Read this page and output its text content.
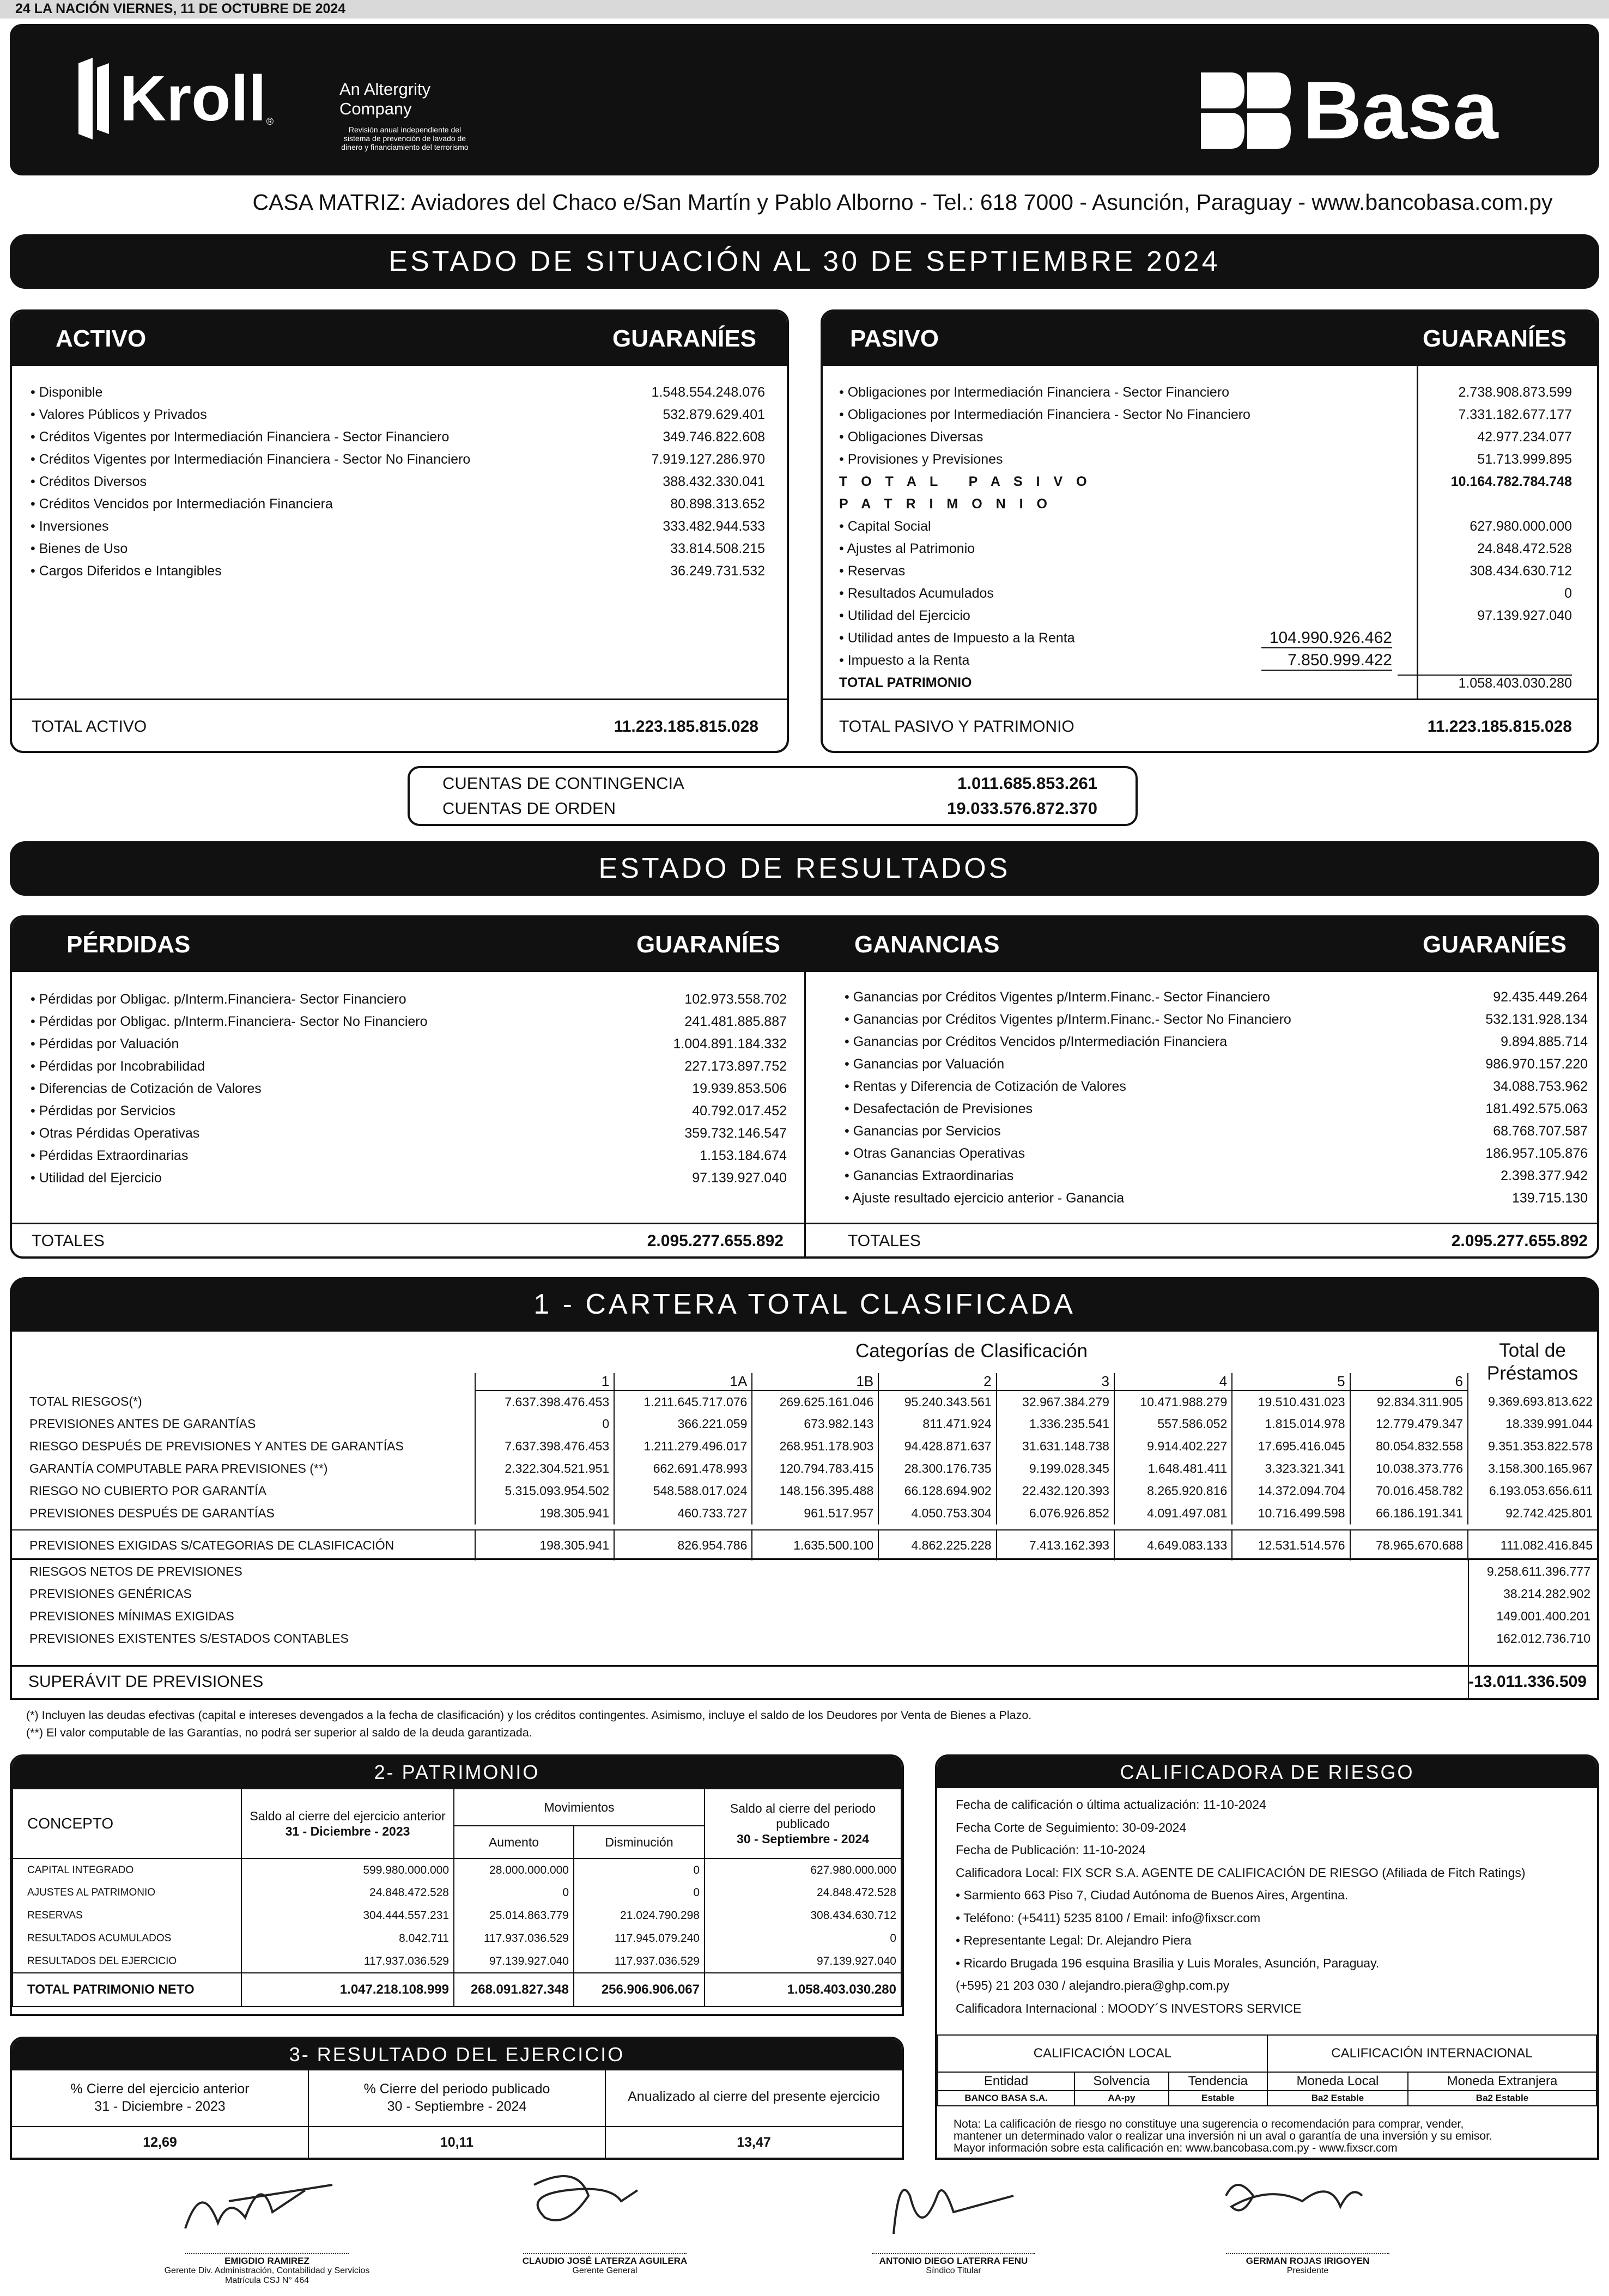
24 LA NACIÓN VIERNES, 11 DE OCTUBRE DE 2024
Kroll ®
An Altergrity Company
Revisión anual independiente del sistema de prevención de lavado de dinero y financiamiento del terrorismo	Basa
CASA MATRIZ: Aviadores del Chaco e/San Martín y Pablo Alborno - Tel.: 618 7000 - Asunción, Paraguay - www.bancobasa.com.py
ESTADO DE SITUACIÓN AL 30 DE SEPTIEMBRE 2024
ACTIVO	GUARANÍES
• Disponible	1.548.554.248.076
• Valores Públicos y Privados	532.879.629.401
• Créditos Vigentes por Intermediación Financiera - Sector Financiero	349.746.822.608
• Créditos Vigentes por Intermediación Financiera - Sector No Financiero	7.919.127.286.970
• Créditos Diversos	388.432.330.041
• Créditos Vencidos por Intermediación Financiera	80.898.313.652
• Inversiones	333.482.944.533
• Bienes de Uso	33.814.508.215
• Cargos Diferidos e Intangibles	36.249.731.532
TOTAL ACTIVO	11.223.185.815.028
PASIVO	GUARANÍES
• Obligaciones por Intermediación Financiera - Sector Financiero	2.738.908.873.599
• Obligaciones por Intermediación Financiera - Sector No Financiero	7.331.182.677.177
• Obligaciones Diversas	42.977.234.077
• Provisiones y Previsiones	51.713.999.895
T O T A L   P A S I V O	10.164.782.784.748
P A T R I M O N I O
• Capital Social	627.980.000.000
• Ajustes al Patrimonio	24.848.472.528
• Reservas	308.434.630.712
• Resultados Acumulados	0
• Utilidad del Ejercicio	97.139.927.040
• Utilidad antes de Impuesto a la Renta	104.990.926.462
• Impuesto a la Renta	7.850.999.422
TOTAL PATRIMONIO	1.058.403.030.280
TOTAL PASIVO Y PATRIMONIO	11.223.185.815.028
CUENTAS DE CONTINGENCIA	1.011.685.853.261
CUENTAS DE ORDEN	19.033.576.872.370
ESTADO DE RESULTADOS
PÉRDIDAS	GUARANÍES	GANANCIAS	GUARANÍES
• Pérdidas por Obligac. p/Interm.Financiera- Sector Financiero	102.973.558.702
• Pérdidas por Obligac. p/Interm.Financiera- Sector No Financiero	241.481.885.887
• Pérdidas por Valuación	1.004.891.184.332
• Pérdidas por Incobrabilidad	227.173.897.752
• Diferencias de Cotización de Valores	19.939.853.506
• Pérdidas por Servicios	40.792.017.452
• Otras Pérdidas Operativas	359.732.146.547
• Pérdidas Extraordinarias	1.153.184.674
• Utilidad del Ejercicio	97.139.927.040
• Ganancias por Créditos Vigentes p/Interm.Financ.- Sector Financiero	92.435.449.264
• Ganancias por Créditos Vigentes p/Interm.Financ.- Sector No Financiero	532.131.928.134
• Ganancias por Créditos Vencidos p/Intermediación Financiera	9.894.885.714
• Ganancias por Valuación	986.970.157.220
• Rentas y Diferencia de Cotización de Valores	34.088.753.962
• Desafectación de Previsiones	181.492.575.063
• Ganancias por Servicios	68.768.707.587
• Otras Ganancias Operativas	186.957.105.876
• Ganancias Extraordinarias	2.398.377.942
• Ajuste resultado ejercicio anterior - Ganancia	139.715.130
TOTALES	2.095.277.655.892	TOTALES	2.095.277.655.892
1 - CARTERA TOTAL CLASIFICADA
Categorías de Clasificación	Total de Préstamos
	1	1A	1B	2	3	4	5	6	
TOTAL RIESGOS(*)	7.637.398.476.453	1.211.645.717.076	269.625.161.046	95.240.343.561	32.967.384.279	10.471.988.279	19.510.431.023	92.834.311.905	9.369.693.813.622
PREVISIONES ANTES DE GARANTÍAS	0	366.221.059	673.982.143	811.471.924	1.336.235.541	557.586.052	1.815.014.978	12.779.479.347	18.339.991.044
RIESGO DESPUÉS DE PREVISIONES Y ANTES DE GARANTÍAS	7.637.398.476.453	1.211.279.496.017	268.951.178.903	94.428.871.637	31.631.148.738	9.914.402.227	17.695.416.045	80.054.832.558	9.351.353.822.578
GARANTÍA COMPUTABLE PARA PREVISIONES (**)	2.322.304.521.951	662.691.478.993	120.794.783.415	28.300.176.735	9.199.028.345	1.648.481.411	3.323.321.341	10.038.373.776	3.158.300.165.967
RIESGO NO CUBIERTO POR GARANTÍA	5.315.093.954.502	548.588.017.024	148.156.395.488	66.128.694.902	22.432.120.393	8.265.920.816	14.372.094.704	70.016.458.782	6.193.053.656.611
PREVISIONES DESPUÉS DE GARANTÍAS	198.305.941	460.733.727	961.517.957	4.050.753.304	6.076.926.852	4.091.497.081	10.716.499.598	66.186.191.341	92.742.425.801

PREVISIONES EXIGIDAS S/CATEGORIAS DE CLASIFICACIÓN	198.305.941	826.954.786	1.635.500.100	4.862.225.228	7.413.162.393	4.649.083.133	12.531.514.576	78.965.670.688	111.082.416.845
RIESGOS NETOS DE PREVISIONES	9.258.611.396.777
PREVISIONES GENÉRICAS	38.214.282.902
PREVISIONES MÍNIMAS EXIGIDAS	149.001.400.201
PREVISIONES EXISTENTES S/ESTADOS CONTABLES	162.012.736.710
SUPERÁVIT DE PREVISIONES	-13.011.336.509
(*) Incluyen las deudas efectivas (capital e intereses devengados a la fecha de clasificación) y los créditos contingentes. Asimismo, incluye el saldo de los Deudores por Venta de Bienes a Plazo.
(**) El valor computable de las Garantías, no podrá ser superior al saldo de la deuda garantizada.
2- PATRIMONIO
CONCEPTO	Saldo al cierre del ejercicio anterior
31 - Diciembre - 2023	Movimientos		Saldo al cierre del periodo publicado
30 - Septiembre - 2024
		Aumento	Disminución	
CAPITAL INTEGRADO	599.980.000.000	28.000.000.000	0	627.980.000.000
AJUSTES AL PATRIMONIO	24.848.472.528	0	0	24.848.472.528
RESERVAS	304.444.557.231	25.014.863.779	21.024.790.298	308.434.630.712
RESULTADOS ACUMULADOS	8.042.711	117.937.036.529	117.945.079.240	0
RESULTADOS DEL EJERCICIO	117.937.036.529	97.139.927.040	117.937.036.529	97.139.927.040
TOTAL PATRIMONIO NETO	1.047.218.108.999	268.091.827.348	256.906.906.067	1.058.403.030.280
3- RESULTADO DEL EJERCICIO
% Cierre del ejercicio anterior
31 - Diciembre - 2023
% Cierre del periodo publicado
30 - Septiembre - 2024
Anualizado al cierre del presente ejercicio
12,69	10,11	13,47
CALIFICADORA DE RIESGO
Fecha de calificación o última actualización: 11-10-2024
Fecha Corte de Seguimiento: 30-09-2024
Fecha de Publicación: 11-10-2024
Calificadora Local: FIX SCR S.A. AGENTE DE CALIFICACIÓN DE RIESGO (Afiliada de Fitch Ratings)
• Sarmiento 663 Piso 7, Ciudad Autónoma de Buenos Aires, Argentina.
• Teléfono: (+5411) 5235 8100 / Email: info@fixscr.com
• Representante Legal: Dr. Alejandro Piera
• Ricardo Brugada 196 esquina Brasilia y Luis Morales, Asunción, Paraguay.
(+595) 21 203 030 / alejandro.piera@ghp.com.py
Calificadora Internacional : MOODY´S INVESTORS SERVICE
CALIFICACIÓN LOCAL			CALIFICACIÓN INTERNACIONAL	
Entidad	Solvencia	Tendencia	Moneda Local	Moneda Extranjera
BANCO BASA S.A.	AA-py	Estable	Ba2 Estable	Ba2 Estable
Nota: La calificación de riesgo no constituye una sugerencia o recomendación para comprar, vender,
mantener un determinado valor o realizar una inversión ni un aval o garantía de una inversión y su emisor.
Mayor información sobre esta calificación en: www.bancobasa.com.py - www.fixscr.com
EMIGDIO RAMIREZ
Gerente Div. Administración, Contabilidad y Servicios
Matrícula CSJ N° 464
CLAUDIO JOSÉ LATERZA AGUILERA
Gerente General
ANTONIO DIEGO LATERRA FENU
Síndico Titular
GERMAN ROJAS IRIGOYEN
Presidente
